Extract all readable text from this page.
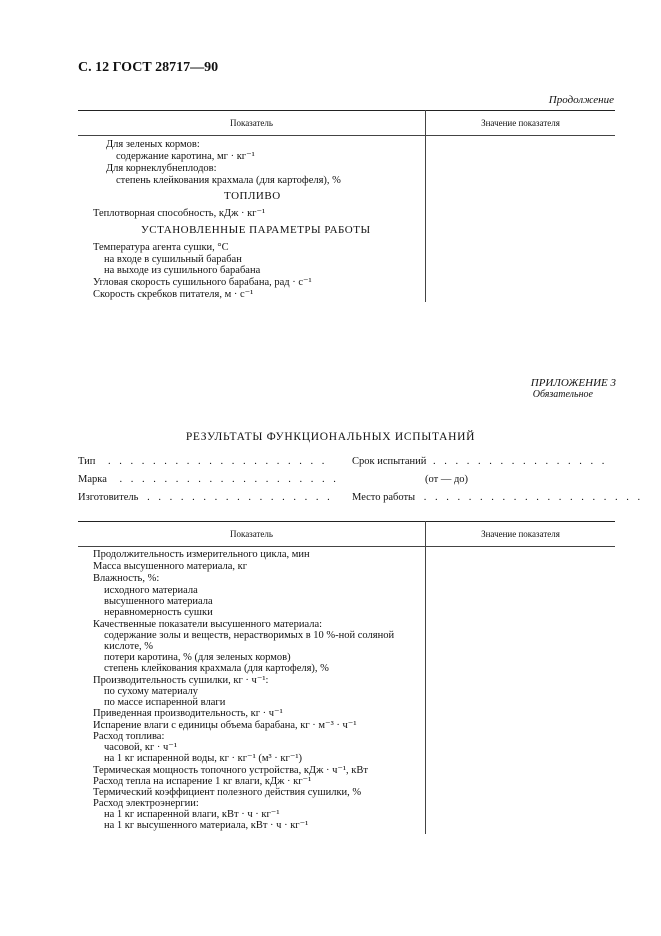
С. 12 ГОСТ 28717—90
Продолжение
Показатель	Значение показателя
Для зеленых кормов:
содержание каротина, мг · кг⁻¹
Для корнеклубнеплодов:
степень клейкования крахмала (для картофеля), %
ТОПЛИВО
Теплотворная способность, кДж · кг⁻¹
УСТАНОВЛЕННЫЕ ПАРАМЕТРЫ РАБОТЫ
Температура агента сушки, °С
на входе в сушильный барабан
на выходе из сушильного барабана
Угловая скорость сушильного барабана, рад · с⁻¹
Скорость скребков питателя, м · с⁻¹
ПРИЛОЖЕНИЕ 3
Обязательное
РЕЗУЛЬТАТЫ ФУНКЦИОНАЛЬНЫХ ИСПЫТАНИЙ
Тип . . . . . . . . . . . . . . . . . . . .
Марка . . . . . . . . . . . . . . . . . . . .
Изготовитель . . . . . . . . . . . . . . . . .
Срок испытаний . . . . . . . . . . . . . . . .
(от — до)
Место работы . . . . . . . . . . . . . . . . . . . .
Показатель	Значение показателя
Продолжительность измерительного цикла, мин
Масса высушенного материала, кг
Влажность, %:
исходного материала
высушенного материала
неравномерность сушки
Качественные показатели высушенного материала:
содержание золы и веществ, нерастворимых в 10 %-ной соляной
кислоте, %
потери каротина, % (для зеленых кормов)
степень клейкования крахмала (для картофеля), %
Производительность сушилки, кг · ч⁻¹:
по сухому материалу
по массе испаренной влаги
Приведенная производительность, кг · ч⁻¹
Испарение влаги с единицы объема барабана, кг · м⁻³ · ч⁻¹
Расход топлива:
часовой, кг · ч⁻¹
на 1 кг испаренной воды, кг · кг⁻¹ (м³ · кг⁻¹)
Термическая мощность топочного устройства, кДж · ч⁻¹, кВт
Расход тепла на испарение 1 кг влаги, кДж · кг⁻¹
Термический коэффициент полезного действия сушилки, %
Расход электроэнергии:
на 1 кг испаренной влаги, кВт · ч · кг⁻¹
на 1 кг высушенного материала, кВт · ч · кг⁻¹
